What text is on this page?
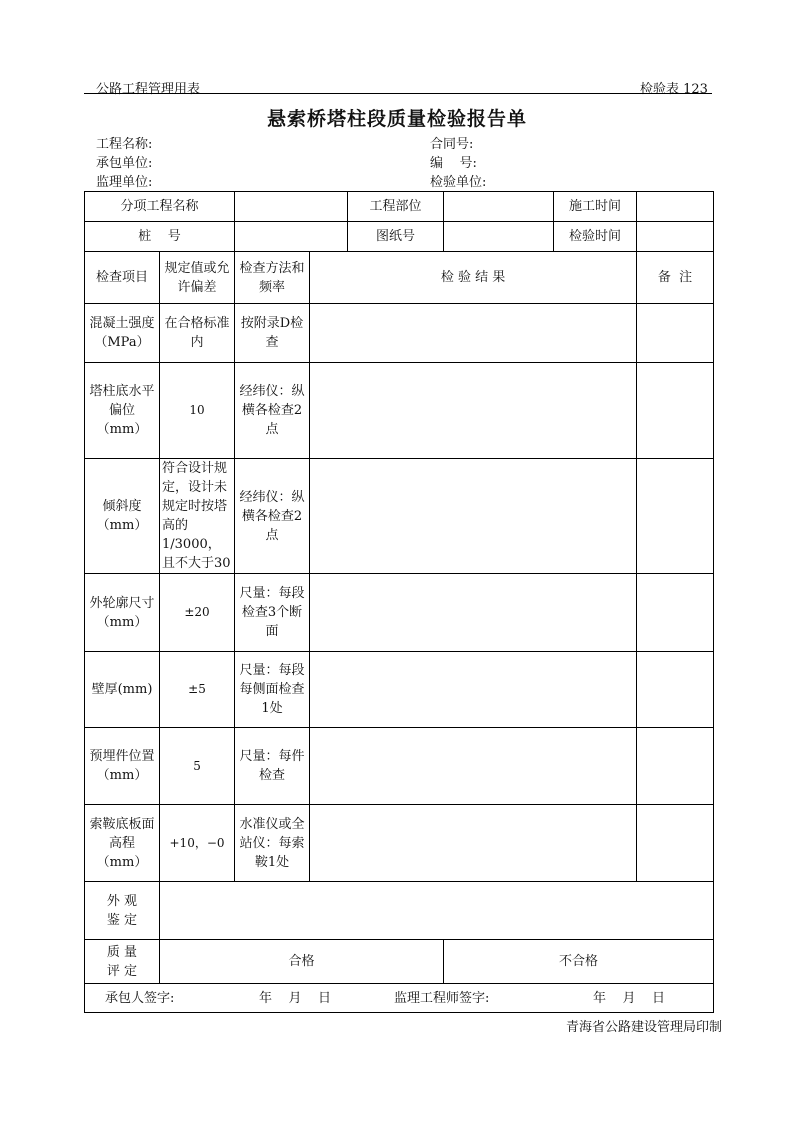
公路工程管理用表	检验表 123
悬索桥塔柱段质量检验报告单
工程名称:
承包单位:
监理单位:
合同号:
编    号:
检验单位:
分项工程名称				工程部位		施工时间	
桩    号				图纸号		检验时间	
检查项目	规定值或允许偏差	检查方法和频率	检 验 结 果				备  注
混凝土强度（MPa）	在合格标准内	按附录D检查					
塔柱底水平偏位（mm）	10	经纬仪：纵横各检查2点					
倾斜度（mm）	符合设计规定，设计未规定时按塔高的1/3000，且不大于30	经纬仪：纵横各检查2点					
外轮廓尺寸（mm）	±20	尺量：每段检查3个断面					
壁厚(mm)	±5	尺量：每段每侧面检查1处					
预埋件位置（mm）	5	尺量：每件检查					
索鞍底板面高程（mm）	+10，−0	水准仪或全站仪：每索鞍1处					
外 观
鉴 定							
质 量
评 定	合格				不合格		

承包人签字: 年    月    日 监理工程师签字: 年    月    日							
青海省公路建设管理局印制
